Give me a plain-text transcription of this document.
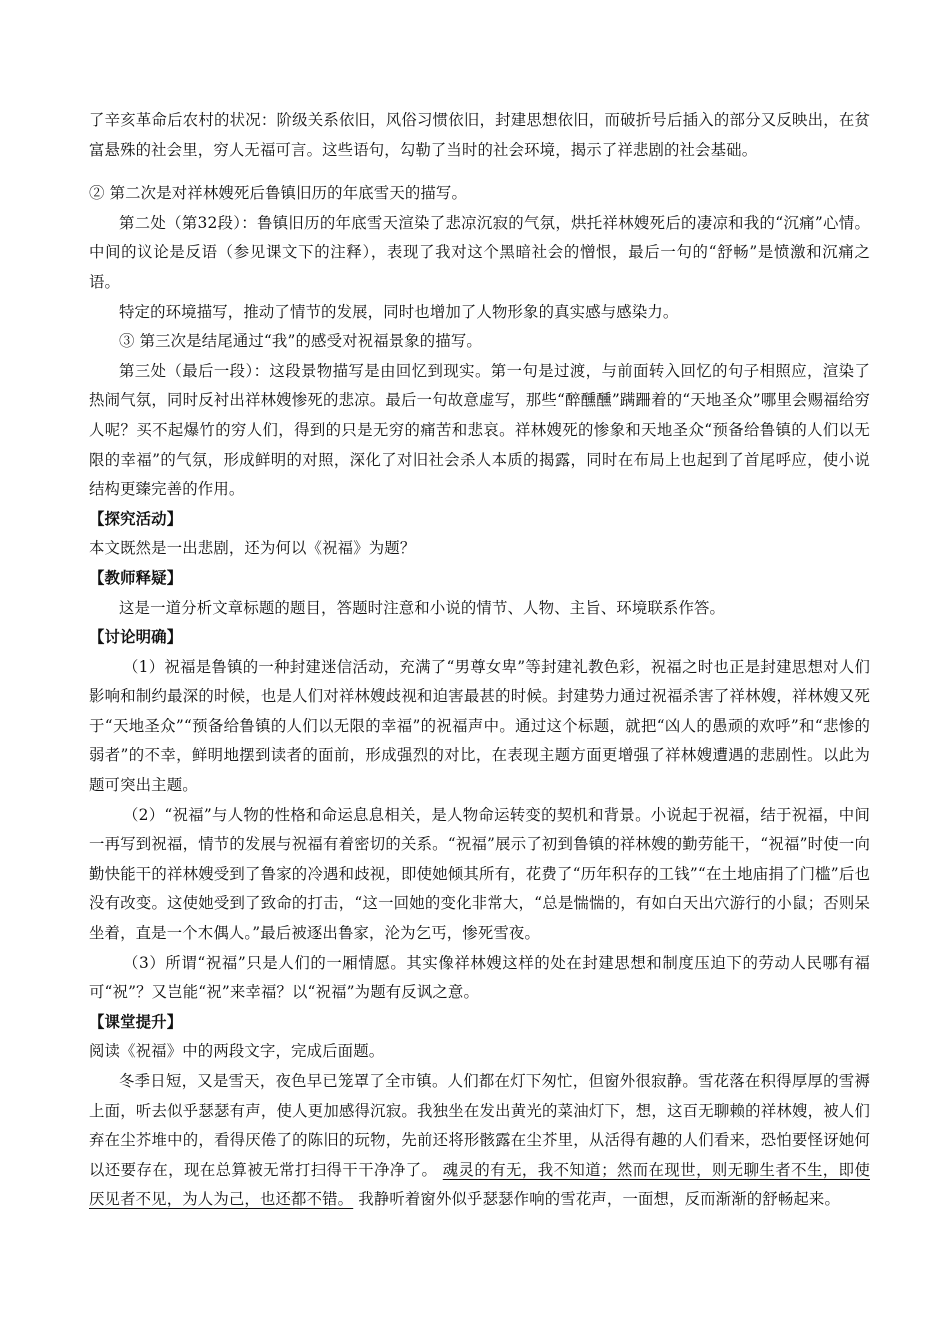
了辛亥革命后农村的状况：阶级关系依旧，风俗习惯依旧，封建思想依旧，而破折号后插入的部分又反映出，在贫富悬殊的社会里，穷人无福可言。这些语句，勾勒了当时的社会环境，揭示了祥悲剧的社会基础。

② 第二次是对祥林嫂死后鲁镇旧历的年底雪天的描写。

第二处（第32段）：鲁镇旧历的年底雪天渲染了悲凉沉寂的气氛，烘托祥林嫂死后的凄凉和我的“沉痛”心情。中间的议论是反语（参见课文下的注释），表现了我对这个黑暗社会的憎恨，最后一句的“舒畅”是愤激和沉痛之语。

特定的环境描写，推动了情节的发展，同时也增加了人物形象的真实感与感染力。

③ 第三次是结尾通过“我”的感受对祝福景象的描写。

第三处（最后一段）：这段景物描写是由回忆到现实。第一句是过渡，与前面转入回忆的句子相照应，渲染了热闹气氛，同时反衬出祥林嫂惨死的悲凉。最后一句故意虚写，那些“醉醺醺”蹒跚着的“天地圣众”哪里会赐福给穷人呢？买不起爆竹的穷人们，得到的只是无穷的痛苦和悲哀。祥林嫂死的惨象和天地圣众“预备给鲁镇的人们以无限的幸福”的气氛，形成鲜明的对照，深化了对旧社会杀人本质的揭露，同时在布局上也起到了首尾呼应，使小说结构更臻完善的作用。

【探究活动】

本文既然是一出悲剧，还为何以《祝福》为题？

【教师释疑】

这是一道分析文章标题的题目，答题时注意和小说的情节、人物、主旨、环境联系作答。

【讨论明确】

（1）祝福是鲁镇的一种封建迷信活动，充满了“男尊女卑”等封建礼教色彩，祝福之时也正是封建思想对人们影响和制约最深的时候，也是人们对祥林嫂歧视和迫害最甚的时候。封建势力通过祝福杀害了祥林嫂，祥林嫂又死于“天地圣众”“预备给鲁镇的人们以无限的幸福”的祝福声中。通过这个标题，就把“凶人的愚顽的欢呼”和“悲惨的弱者”的不幸，鲜明地摆到读者的面前，形成强烈的对比，在表现主题方面更增强了祥林嫂遭遇的悲剧性。以此为题可突出主题。

（2）“祝福”与人物的性格和命运息息相关，是人物命运转变的契机和背景。小说起于祝福，结于祝福，中间一再写到祝福，情节的发展与祝福有着密切的关系。“祝福”展示了初到鲁镇的祥林嫂的勤劳能干，“祝福”时使一向勤快能干的祥林嫂受到了鲁家的冷遇和歧视，即使她倾其所有，花费了“历年积存的工钱”“在土地庙捐了门槛”后也没有改变。这使她受到了致命的打击，“这一回她的变化非常大，“总是惴惴的，有如白天出穴游行的小鼠；否则呆坐着，直是一个木偶人。”最后被逐出鲁家，沦为乞丐，惨死雪夜。

（3）所谓“祝福”只是人们的一厢情愿。其实像祥林嫂这样的处在封建思想和制度压迫下的劳动人民哪有福可“祝”？又岂能“祝”来幸福？以“祝福”为题有反讽之意。

【课堂提升】

阅读《祝福》中的两段文字，完成后面题。

冬季日短，又是雪天，夜色早已笼罩了全市镇。人们都在灯下匆忙，但窗外很寂静。雪花落在积得厚厚的雪褥上面，听去似乎瑟瑟有声，使人更加感得沉寂。我独坐在发出黄光的菜油灯下，想，这百无聊赖的祥林嫂，被人们弃在尘芥堆中的，看得厌倦了的陈旧的玩物，先前还将形骸露在尘芥里，从活得有趣的人们看来，恐怕要怪讶她何以还要存在，现在总算被无常打扫得干干净净了。 魂灵的有无，我不知道；然而在现世，则无聊生者不生，即使厌见者不见，为人为己，也还都不错。 我静听着窗外似乎瑟瑟作响的雪花声，一面想，反而渐渐的舒畅起来。
